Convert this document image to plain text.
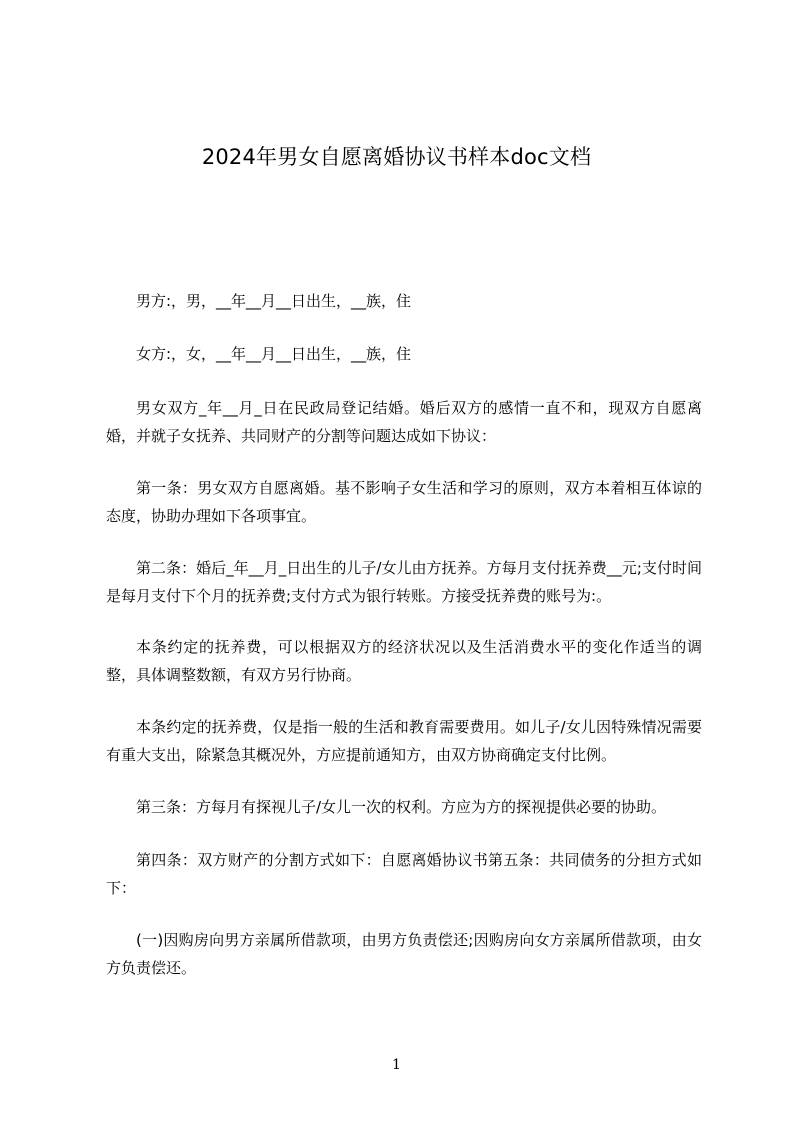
2024年男女自愿离婚协议书样本doc文档

男方:，男，__年__月__日出生，__族，住

女方:，女，__年__月__日出生，__族，住

男女双方_年__月_日在民政局登记结婚。婚后双方的感情一直不和，现双方自愿离婚，并就子女抚养、共同财产的分割等问题达成如下协议：

第一条：男女双方自愿离婚。基不影响子女生活和学习的原则，双方本着相互体谅的态度，协助办理如下各项事宜。

第二条：婚后_年__月_日出生的儿子/女儿由方抚养。方每月支付抚养费__元;支付时间是每月支付下个月的抚养费;支付方式为银行转账。方接受抚养费的账号为:。

本条约定的抚养费，可以根据双方的经济状况以及生活消费水平的变化作适当的调整，具体调整数额，有双方另行协商。

本条约定的抚养费，仅是指一般的生活和教育需要费用。如儿子/女儿因特殊情况需要有重大支出，除紧急其概况外，方应提前通知方，由双方协商确定支付比例。

第三条：方每月有探视儿子/女儿一次的权利。方应为方的探视提供必要的协助。

第四条：双方财产的分割方式如下：自愿离婚协议书第五条：共同债务的分担方式如下：

(一)因购房向男方亲属所借款项，由男方负责偿还;因购房向女方亲属所借款项，由女方负责偿还。

1
